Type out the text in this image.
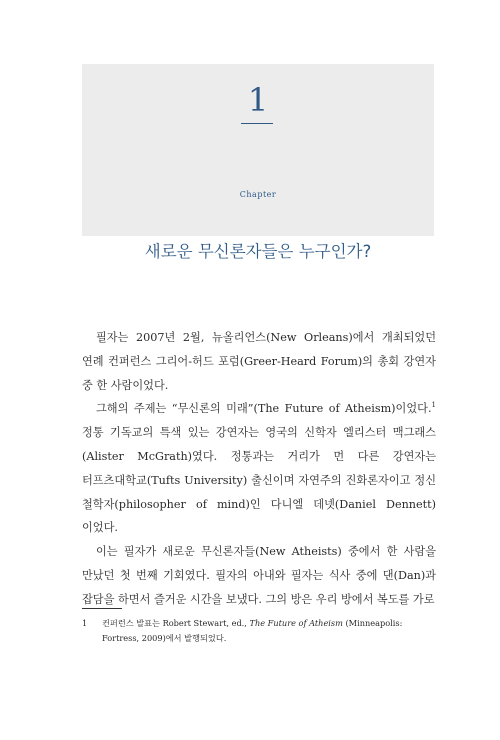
1
Chapter
새로운 무신론자들은 누구인가?

필자는 2007년 2월, 뉴올리언스(New Orleans)에서 개최되었던 연례 컨퍼런스 그리어-허드 포럼(Greer-Heard Forum)의 총회 강연자 중 한 사람이었다.

그해의 주제는 “무신론의 미래”(The Future of Atheism)이었다.$^1$ 정통 기독교의 특색 있는 강연자는 영국의 신학자 엘리스터 맥그래스(Alister McGrath)였다. 정통과는 거리가 먼 다른 강연자는 터프츠대학교(Tufts University) 출신이며 자연주의 진화론자이고 정신 철학자(philosopher of mind)인 다니엘 데넷(Daniel Dennett)이었다.

이는 필자가 새로운 무신론자들(New Atheists) 중에서 한 사람을 만났던 첫 번째 기회였다. 필자의 아내와 필자는 식사 중에 댄(Dan)과 잡담을 하면서 즐거운 시간을 보냈다. 그의 방은 우리 방에서 복도를 가로

1	컨퍼런스 발표는 Robert Stewart, ed., The Future of Atheism (Minneapolis: Fortress, 2009)에서 발행되었다.
